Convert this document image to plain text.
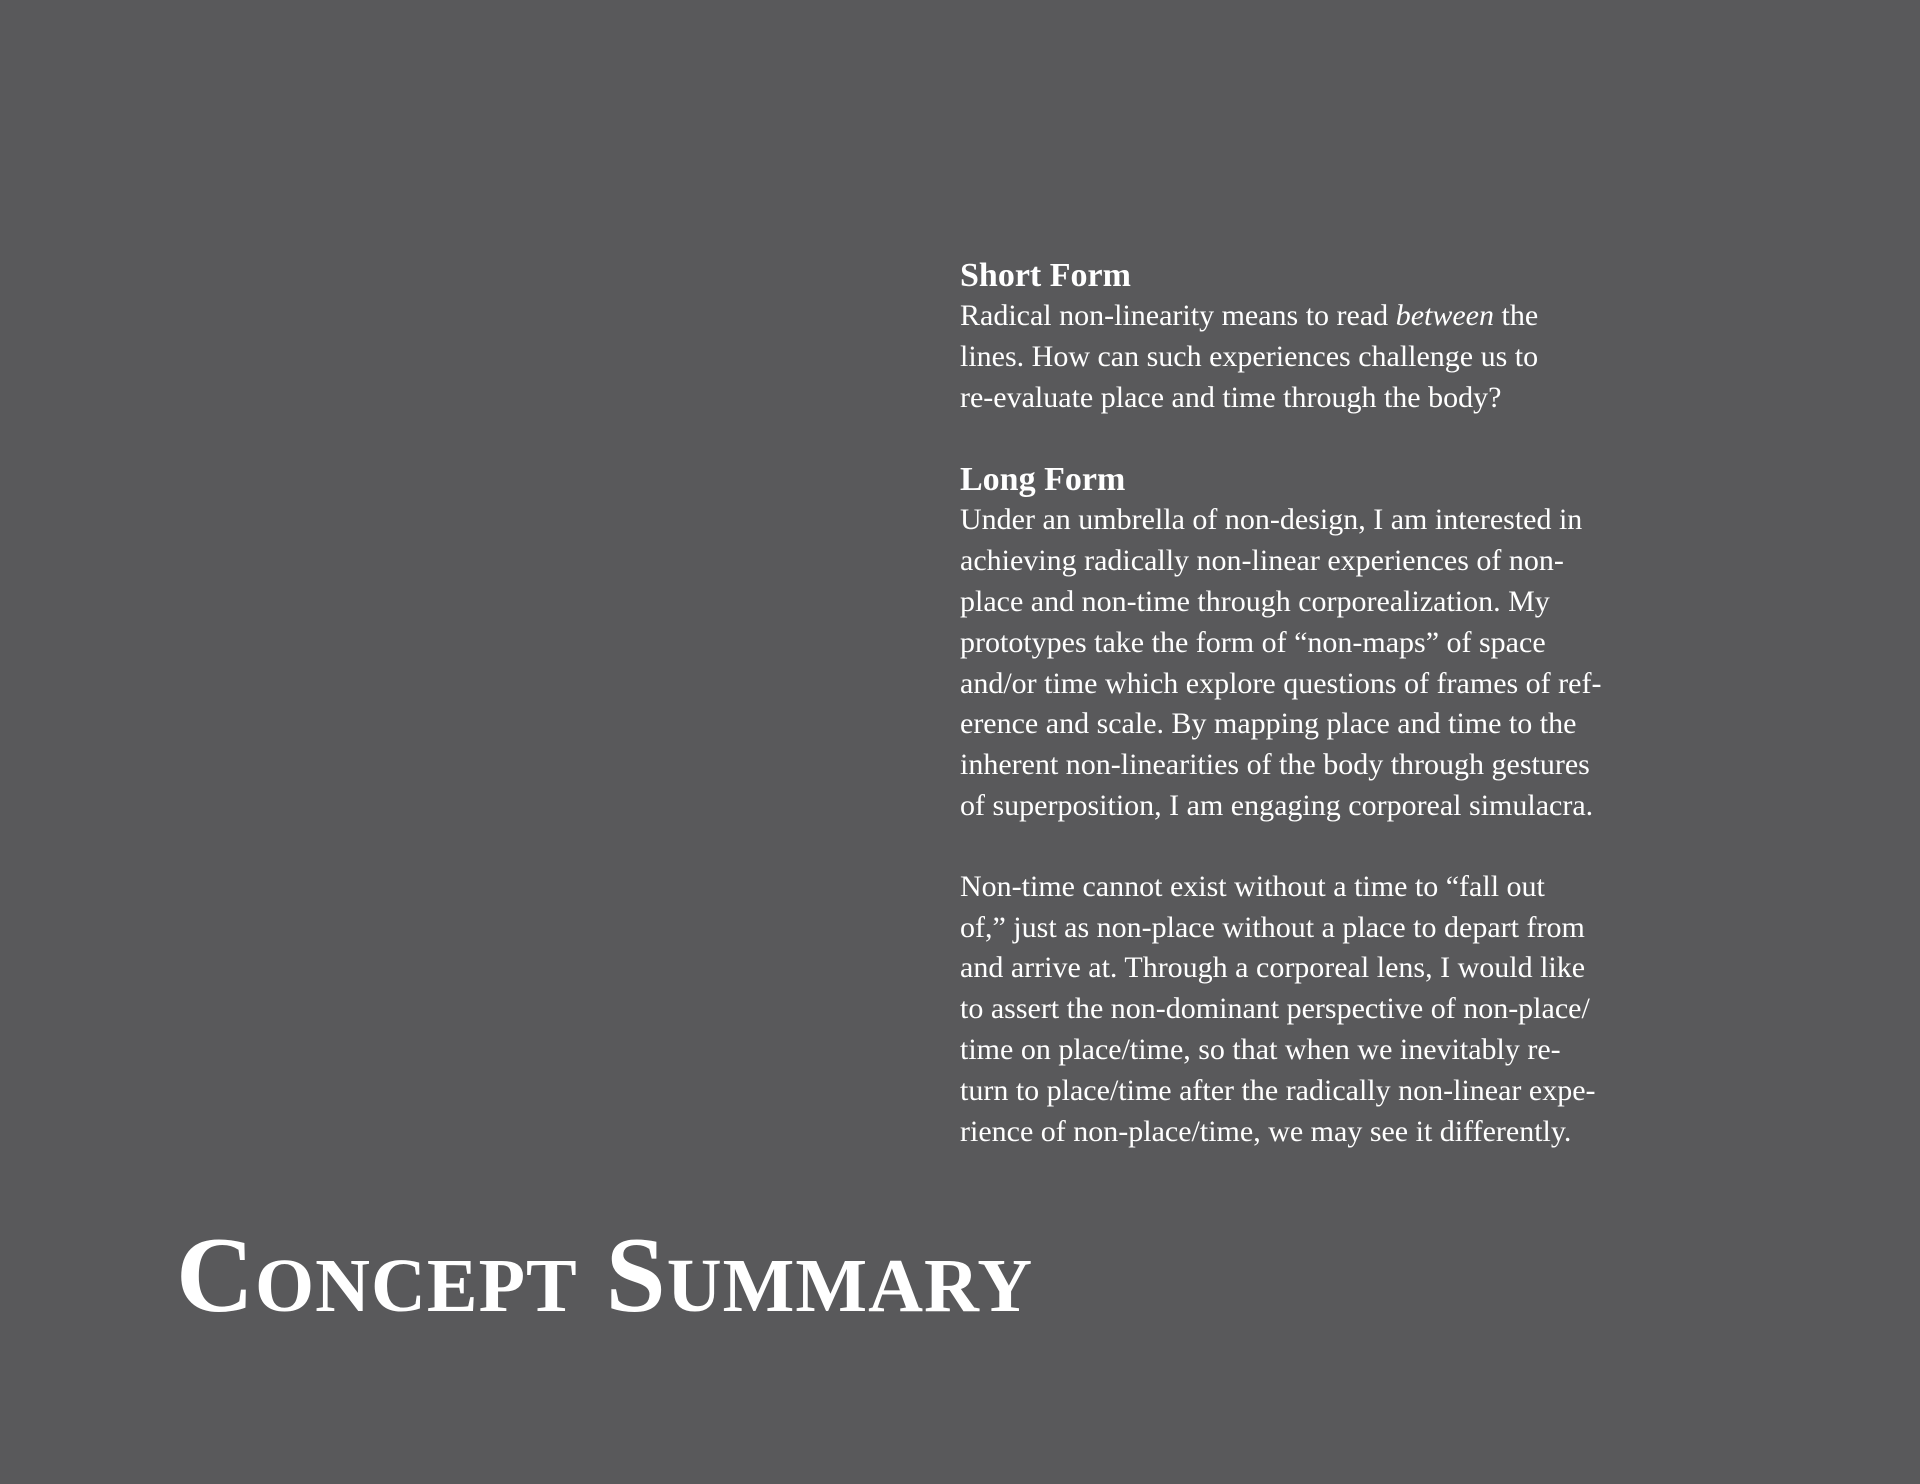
Short Form
Radical non-linearity means to read between the
lines. How can such experiences challenge us to
re-evaluate place and time through the body?
Long Form
Under an umbrella of non-design, I am interested in
achieving radically non-linear experiences of non-
place and non-time through corporealization. My
prototypes take the form of “non-maps” of space
and/or time which explore questions of frames of ref-
erence and scale. By mapping place and time to the
inherent non-linearities of the body through gestures
of superposition, I am engaging corporeal simulacra.
Non-time cannot exist without a time to “fall out
of,” just as non-place without a place to depart from
and arrive at. Through a corporeal lens, I would like
to assert the non-dominant perspective of non-place/
time on place/time, so that when we inevitably re-
turn to place/time after the radically non-linear expe-
rience of non-place/time, we may see it differently.
Concept Summary
